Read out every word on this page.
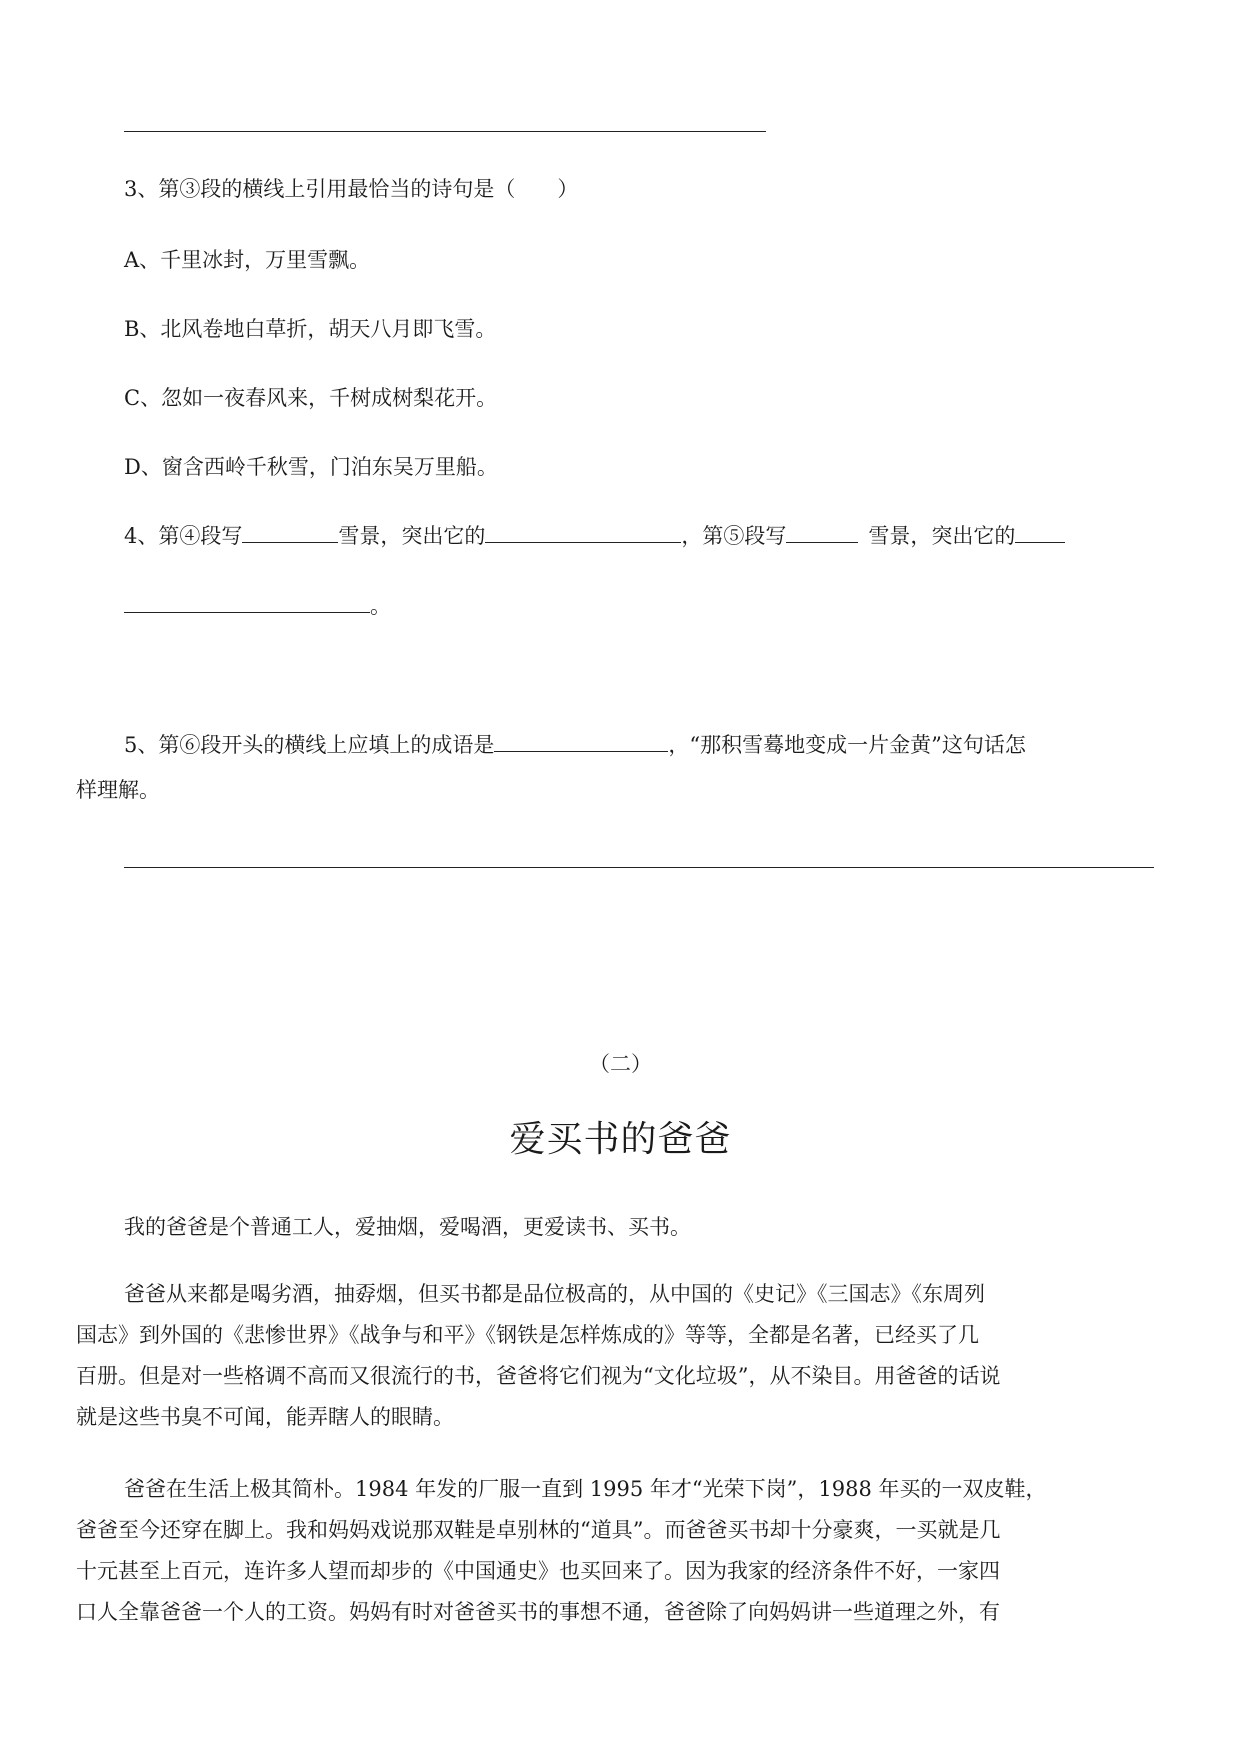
3、第③段的横线上引用最恰当的诗句是（　　）
A、千里冰封，万里雪飘。
B、北风卷地白草折，胡天八月即飞雪。
C、忽如一夜春风来，千树成树梨花开。
D、窗含西岭千秋雪，门泊东吴万里船。
4、第④段写	雪景，突出它的	，第⑤段写	雪景，突出它的
。
5、第⑥段开头的横线上应填上的成语是	，“那积雪蓦地变成一片金黄”这句话怎
样理解。
（二）
爱买书的爸爸
我的爸爸是个普通工人，爱抽烟，爱喝酒，更爱读书、买书。
爸爸从来都是喝劣酒，抽孬烟，但买书都是品位极高的，从中国的《史记》《三国志》《东周列
国志》到外国的《悲惨世界》《战争与和平》《钢铁是怎样炼成的》等等，全都是名著，已经买了几
百册。但是对一些格调不高而又很流行的书，爸爸将它们视为“文化垃圾”，从不染目。用爸爸的话说
就是这些书臭不可闻，能弄瞎人的眼睛。
爸爸在生活上极其简朴。1984 年发的厂服一直到 1995 年才“光荣下岗”，1988 年买的一双皮鞋，
爸爸至今还穿在脚上。我和妈妈戏说那双鞋是卓别林的“道具”。而爸爸买书却十分豪爽，一买就是几
十元甚至上百元，连许多人望而却步的《中国通史》也买回来了。因为我家的经济条件不好，一家四
口人全靠爸爸一个人的工资。妈妈有时对爸爸买书的事想不通，爸爸除了向妈妈讲一些道理之外，有
